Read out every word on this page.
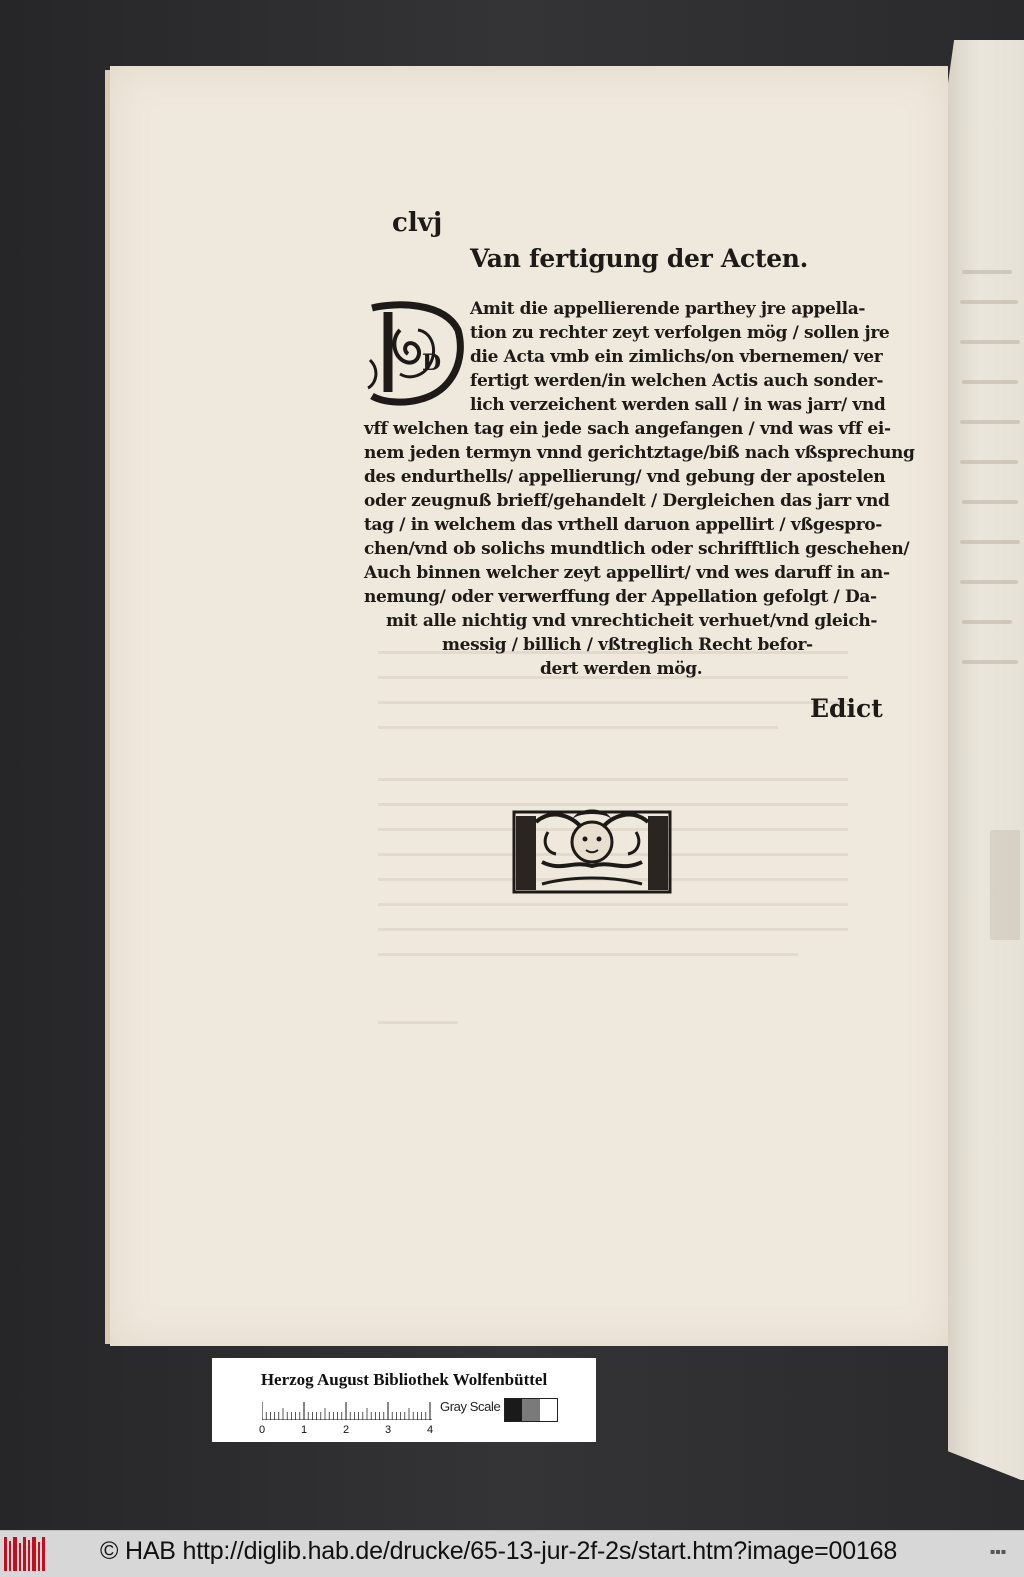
clvj
Van fertigung der Acten.
D
Amit die appellierende parthey jre appella-
tion zu rechter zeyt verfolgen mög / sollen jre
die Acta vmb ein zimlichs/on vbernemen/ ver
fertigt werden/in welchen Actis auch sonder-
lich verzeichent werden sall / in was jarr/ vnd
vff welchen tag ein jede sach angefangen / vnd was vff ei-
nem jeden termyn vnnd gerichtztage/biß nach vßsprechung
des endurthells/ appellierung/ vnd gebung der apostelen
oder zeugnuß brieff/gehandelt / Dergleichen das jarr vnd
tag / in welchem das vrthell daruon appellirt / vßgespro-
chen/vnd ob solichs mundtlich oder schrifftlich geschehen/
Auch binnen welcher zeyt appellirt/ vnd wes daruff in an-
nemung/ oder verwerffung der Appellation gefolgt / Da-
mit alle nichtig vnd vnrechticheit verhuet/vnd gleich-
messig / billich / vßtreglich Recht befor-
dert werden mög.
Edict
Herzog August Bibliothek Wolfenbüttel
0	1	2	3	4
Gray Scale
© HAB http://diglib.hab.de/drucke/65-13-jur-2f-2s/start.htm?image=00168	▪▪▪
